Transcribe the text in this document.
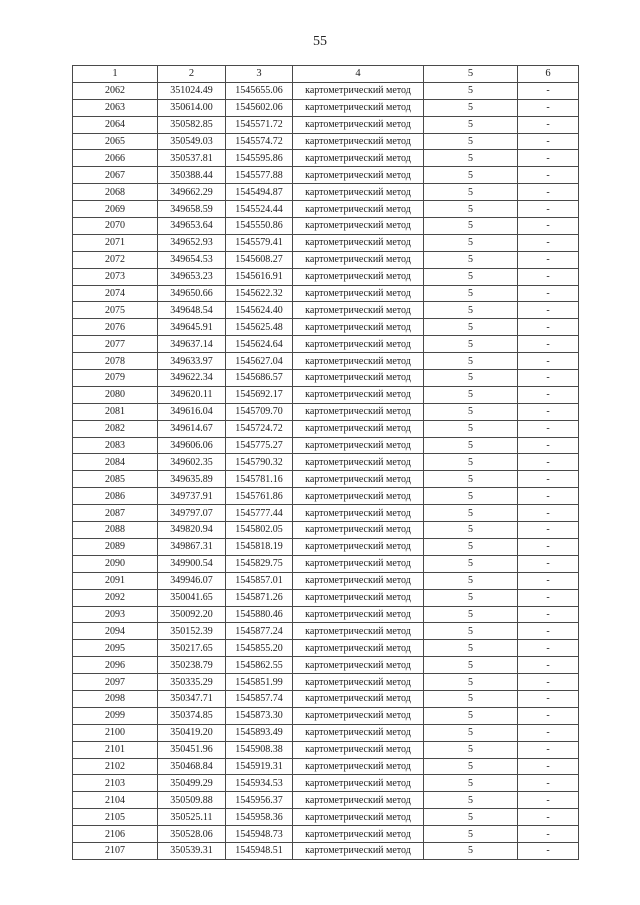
55
1	2	3	4	5	6
2062	351024.49	1545655.06	картометрический метод	5	-
2063	350614.00	1545602.06	картометрический метод	5	-
2064	350582.85	1545571.72	картометрический метод	5	-
2065	350549.03	1545574.72	картометрический метод	5	-
2066	350537.81	1545595.86	картометрический метод	5	-
2067	350388.44	1545577.88	картометрический метод	5	-
2068	349662.29	1545494.87	картометрический метод	5	-
2069	349658.59	1545524.44	картометрический метод	5	-
2070	349653.64	1545550.86	картометрический метод	5	-
2071	349652.93	1545579.41	картометрический метод	5	-
2072	349654.53	1545608.27	картометрический метод	5	-
2073	349653.23	1545616.91	картометрический метод	5	-
2074	349650.66	1545622.32	картометрический метод	5	-
2075	349648.54	1545624.40	картометрический метод	5	-
2076	349645.91	1545625.48	картометрический метод	5	-
2077	349637.14	1545624.64	картометрический метод	5	-
2078	349633.97	1545627.04	картометрический метод	5	-
2079	349622.34	1545686.57	картометрический метод	5	-
2080	349620.11	1545692.17	картометрический метод	5	-
2081	349616.04	1545709.70	картометрический метод	5	-
2082	349614.67	1545724.72	картометрический метод	5	-
2083	349606.06	1545775.27	картометрический метод	5	-
2084	349602.35	1545790.32	картометрический метод	5	-
2085	349635.89	1545781.16	картометрический метод	5	-
2086	349737.91	1545761.86	картометрический метод	5	-
2087	349797.07	1545777.44	картометрический метод	5	-
2088	349820.94	1545802.05	картометрический метод	5	-
2089	349867.31	1545818.19	картометрический метод	5	-
2090	349900.54	1545829.75	картометрический метод	5	-
2091	349946.07	1545857.01	картометрический метод	5	-
2092	350041.65	1545871.26	картометрический метод	5	-
2093	350092.20	1545880.46	картометрический метод	5	-
2094	350152.39	1545877.24	картометрический метод	5	-
2095	350217.65	1545855.20	картометрический метод	5	-
2096	350238.79	1545862.55	картометрический метод	5	-
2097	350335.29	1545851.99	картометрический метод	5	-
2098	350347.71	1545857.74	картометрический метод	5	-
2099	350374.85	1545873.30	картометрический метод	5	-
2100	350419.20	1545893.49	картометрический метод	5	-
2101	350451.96	1545908.38	картометрический метод	5	-
2102	350468.84	1545919.31	картометрический метод	5	-
2103	350499.29	1545934.53	картометрический метод	5	-
2104	350509.88	1545956.37	картометрический метод	5	-
2105	350525.11	1545958.36	картометрический метод	5	-
2106	350528.06	1545948.73	картометрический метод	5	-
2107	350539.31	1545948.51	картометрический метод	5	-
